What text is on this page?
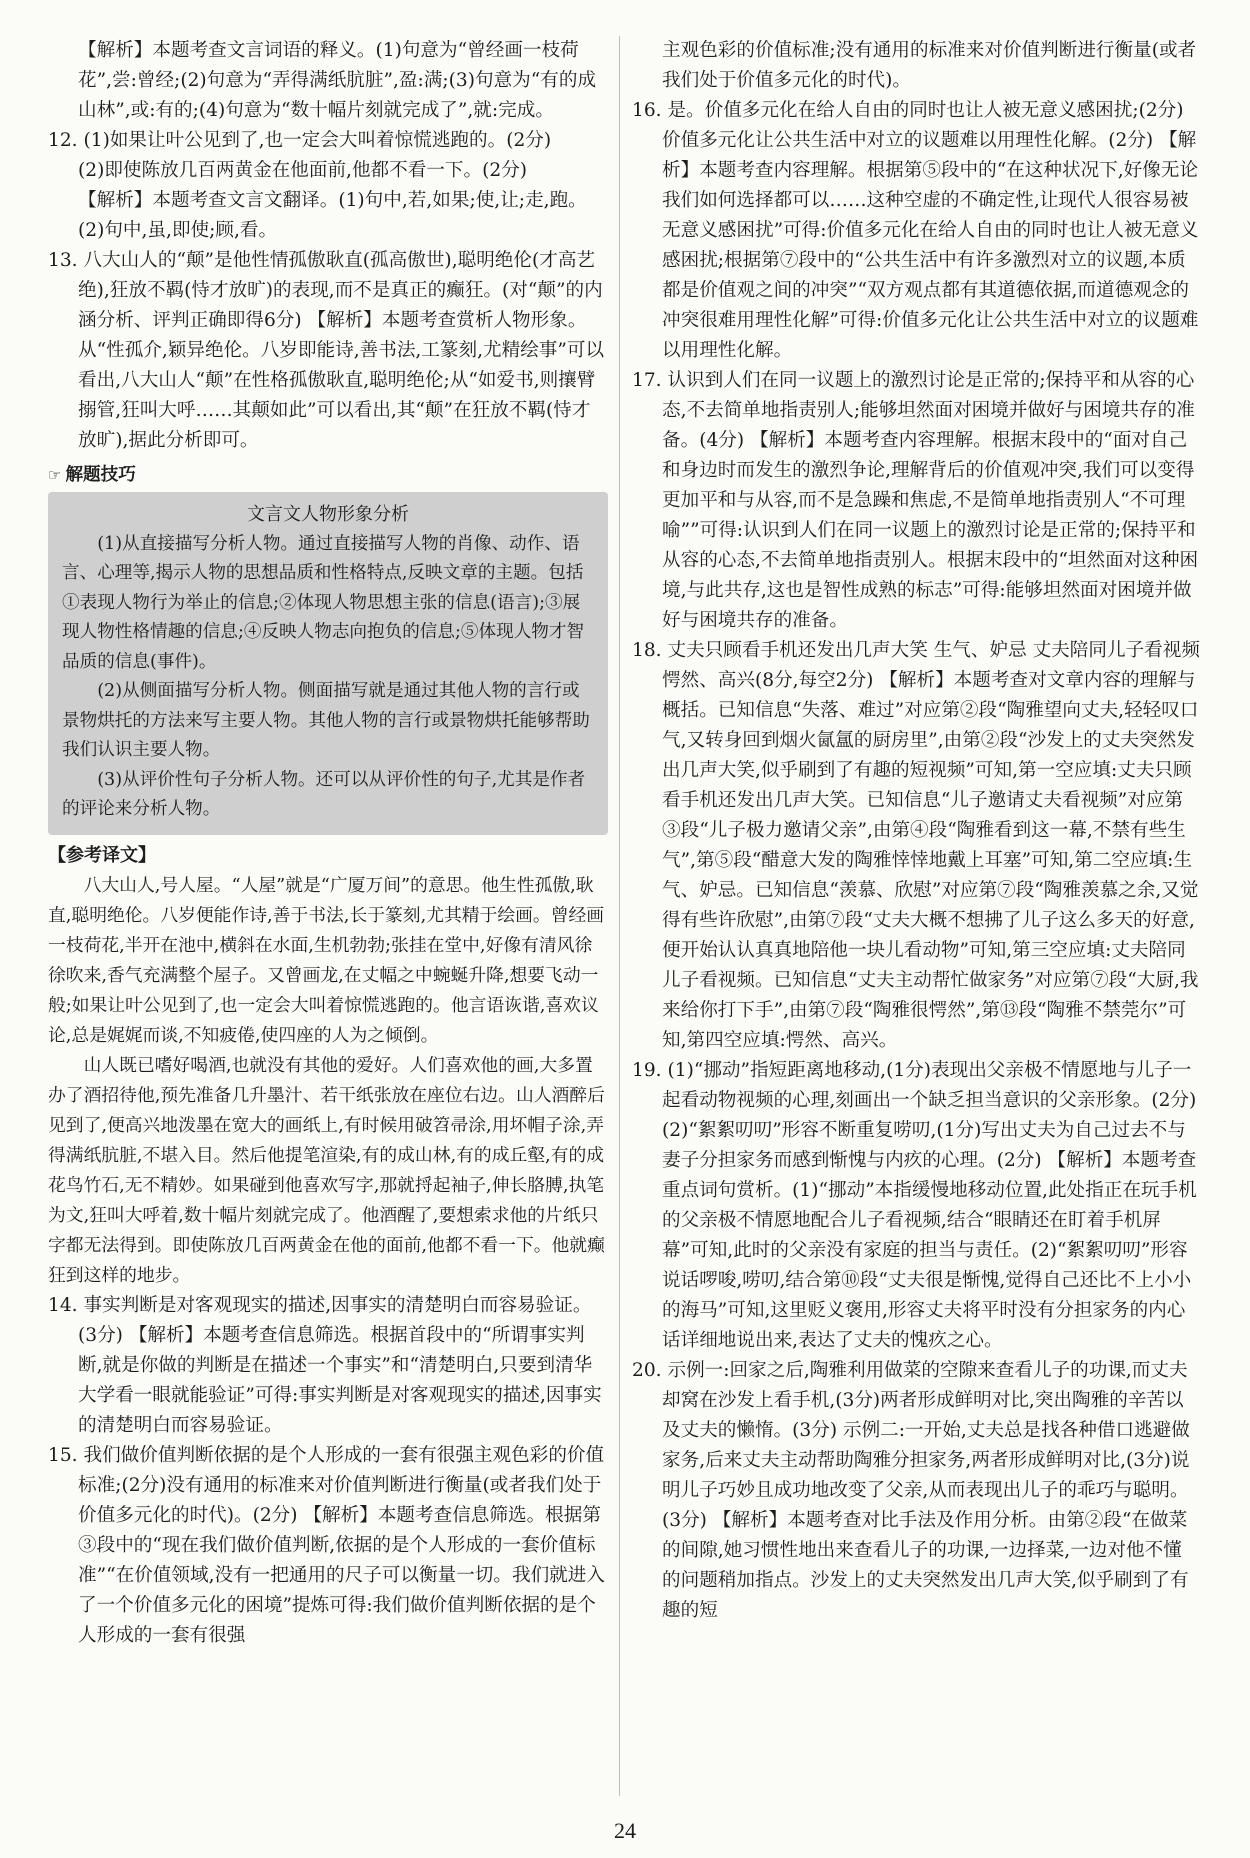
【解析】本题考查文言词语的释义。(1)句意为“曾经画一枝荷花”,尝:曾经;(2)句意为“弄得满纸肮脏”,盈:满;(3)句意为“有的成山林”,或:有的;(4)句意为“数十幅片刻就完成了”,就:完成。

12. (1)如果让叶公见到了,也一定会大叫着惊慌逃跑的。(2分)

(2)即使陈放几百两黄金在他面前,他都不看一下。(2分)

【解析】本题考查文言文翻译。(1)句中,若,如果;使,让;走,跑。(2)句中,虽,即使;顾,看。

13. 八大山人的“颠”是他性情孤傲耿直(孤高傲世),聪明绝伦(才高艺绝),狂放不羁(恃才放旷)的表现,而不是真正的癫狂。(对“颠”的内涵分析、评判正确即得6分) 【解析】本题考查赏析人物形象。从“性孤介,颖异绝伦。八岁即能诗,善书法,工篆刻,尤精绘事”可以看出,八大山人“颠”在性格孤傲耿直,聪明绝伦;从“如爱书,则攘臂搦管,狂叫大呼……其颠如此”可以看出,其“颠”在狂放不羁(恃才放旷),据此分析即可。

☞ 解题技巧
文言文人物形象分析

(1)从直接描写分析人物。通过直接描写人物的肖像、动作、语言、心理等,揭示人物的思想品质和性格特点,反映文章的主题。包括①表现人物行为举止的信息;②体现人物思想主张的信息(语言);③展现人物性格情趣的信息;④反映人物志向抱负的信息;⑤体现人物才智品质的信息(事件)。

(2)从侧面描写分析人物。侧面描写就是通过其他人物的言行或景物烘托的方法来写主要人物。其他人物的言行或景物烘托能够帮助我们认识主要人物。

(3)从评价性句子分析人物。还可以从评价性的句子,尤其是作者的评论来分析人物。

【参考译文】

八大山人,号人屋。“人屋”就是“广厦万间”的意思。他生性孤傲,耿直,聪明绝伦。八岁便能作诗,善于书法,长于篆刻,尤其精于绘画。曾经画一枝荷花,半开在池中,横斜在水面,生机勃勃;张挂在堂中,好像有清风徐徐吹来,香气充满整个屋子。又曾画龙,在丈幅之中蜿蜒升降,想要飞动一般;如果让叶公见到了,也一定会大叫着惊慌逃跑的。他言语诙谐,喜欢议论,总是娓娓而谈,不知疲倦,使四座的人为之倾倒。

山人既已嗜好喝酒,也就没有其他的爱好。人们喜欢他的画,大多置办了酒招待他,预先准备几升墨汁、若干纸张放在座位右边。山人酒醉后见到了,便高兴地泼墨在宽大的画纸上,有时候用破笤帚涂,用坏帽子涂,弄得满纸肮脏,不堪入目。然后他提笔渲染,有的成山林,有的成丘壑,有的成花鸟竹石,无不精妙。如果碰到他喜欢写字,那就捋起袖子,伸长胳膊,执笔为文,狂叫大呼着,数十幅片刻就完成了。他酒醒了,要想索求他的片纸只字都无法得到。即使陈放几百两黄金在他的面前,他都不看一下。他就癫狂到这样的地步。

14. 事实判断是对客观现实的描述,因事实的清楚明白而容易验证。(3分) 【解析】本题考查信息筛选。根据首段中的“所谓事实判断,就是你做的判断是在描述一个事实”和“清楚明白,只要到清华大学看一眼就能验证”可得:事实判断是对客观现实的描述,因事实的清楚明白而容易验证。

15. 我们做价值判断依据的是个人形成的一套有很强主观色彩的价值标准;(2分)没有通用的标准来对价值判断进行衡量(或者我们处于价值多元化的时代)。(2分) 【解析】本题考查信息筛选。根据第③段中的“现在我们做价值判断,依据的是个人形成的一套价值标准”“在价值领域,没有一把通用的尺子可以衡量一切。我们就进入了一个价值多元化的困境”提炼可得:我们做价值判断依据的是个人形成的一套有很强

主观色彩的价值标准;没有通用的标准来对价值判断进行衡量(或者我们处于价值多元化的时代)。

16. 是。价值多元化在给人自由的同时也让人被无意义感困扰;(2分)价值多元化让公共生活中对立的议题难以用理性化解。(2分) 【解析】本题考查内容理解。根据第⑤段中的“在这种状况下,好像无论我们如何选择都可以……这种空虚的不确定性,让现代人很容易被无意义感困扰”可得:价值多元化在给人自由的同时也让人被无意义感困扰;根据第⑦段中的“公共生活中有许多激烈对立的议题,本质都是价值观之间的冲突”“双方观点都有其道德依据,而道德观念的冲突很难用理性化解”可得:价值多元化让公共生活中对立的议题难以用理性化解。

17. 认识到人们在同一议题上的激烈讨论是正常的;保持平和从容的心态,不去简单地指责别人;能够坦然面对困境并做好与困境共存的准备。(4分) 【解析】本题考查内容理解。根据末段中的“面对自己和身边时而发生的激烈争论,理解背后的价值观冲突,我们可以变得更加平和与从容,而不是急躁和焦虑,不是简单地指责别人“不可理喻””可得:认识到人们在同一议题上的激烈讨论是正常的;保持平和从容的心态,不去简单地指责别人。根据末段中的“坦然面对这种困境,与此共存,这也是智性成熟的标志”可得:能够坦然面对困境并做好与困境共存的准备。

18. 丈夫只顾看手机还发出几声大笑 生气、妒忌 丈夫陪同儿子看视频 愕然、高兴(8分,每空2分) 【解析】本题考查对文章内容的理解与概括。已知信息“失落、难过”对应第②段“陶雅望向丈夫,轻轻叹口气,又转身回到烟火氤氲的厨房里”,由第②段“沙发上的丈夫突然发出几声大笑,似乎刷到了有趣的短视频”可知,第一空应填:丈夫只顾看手机还发出几声大笑。已知信息“儿子邀请丈夫看视频”对应第③段“儿子极力邀请父亲”,由第④段“陶雅看到这一幕,不禁有些生气”,第⑤段“醋意大发的陶雅悻悻地戴上耳塞”可知,第二空应填:生气、妒忌。已知信息“羡慕、欣慰”对应第⑦段“陶雅羡慕之余,又觉得有些许欣慰”,由第⑦段“丈夫大概不想拂了儿子这么多天的好意,便开始认认真真地陪他一块儿看动物”可知,第三空应填:丈夫陪同儿子看视频。已知信息“丈夫主动帮忙做家务”对应第⑦段“大厨,我来给你打下手”,由第⑦段“陶雅很愕然”,第⑬段“陶雅不禁莞尔”可知,第四空应填:愕然、高兴。

19. (1)“挪动”指短距离地移动,(1分)表现出父亲极不情愿地与儿子一起看动物视频的心理,刻画出一个缺乏担当意识的父亲形象。(2分) (2)“絮絮叨叨”形容不断重复唠叨,(1分)写出丈夫为自己过去不与妻子分担家务而感到惭愧与内疚的心理。(2分) 【解析】本题考查重点词句赏析。(1)“挪动”本指缓慢地移动位置,此处指正在玩手机的父亲极不情愿地配合儿子看视频,结合“眼睛还在盯着手机屏幕”可知,此时的父亲没有家庭的担当与责任。(2)“絮絮叨叨”形容说话啰唆,唠叨,结合第⑩段“丈夫很是惭愧,觉得自己还比不上小小的海马”可知,这里贬义褒用,形容丈夫将平时没有分担家务的内心话详细地说出来,表达了丈夫的愧疚之心。

20. 示例一:回家之后,陶雅利用做菜的空隙来查看儿子的功课,而丈夫却窝在沙发上看手机,(3分)两者形成鲜明对比,突出陶雅的辛苦以及丈夫的懒惰。(3分) 示例二:一开始,丈夫总是找各种借口逃避做家务,后来丈夫主动帮助陶雅分担家务,两者形成鲜明对比,(3分)说明儿子巧妙且成功地改变了父亲,从而表现出儿子的乖巧与聪明。(3分) 【解析】本题考查对比手法及作用分析。由第②段“在做菜的间隙,她习惯性地出来查看儿子的功课,一边择菜,一边对他不懂的问题稍加指点。沙发上的丈夫突然发出几声大笑,似乎刷到了有趣的短

24
